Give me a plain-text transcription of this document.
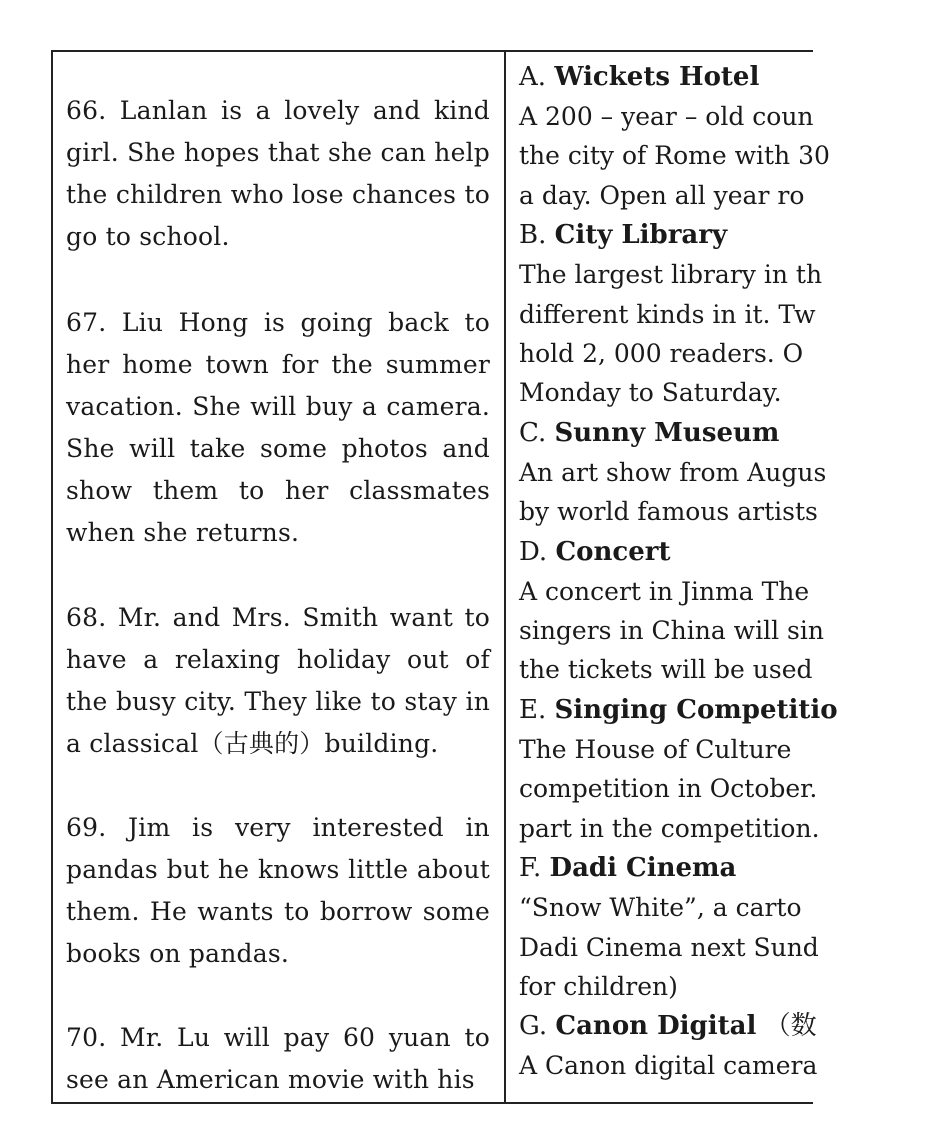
66. Lanlan is a lovely and kind girl. She hopes that she can help the children who lose chances to go to school.

67. Liu Hong is going back to her home town for the summer vacation. She will buy a camera. She will take some photos and show them to her classmates when she returns.

68. Mr. and Mrs. Smith want to have a relaxing holiday out of the busy city. They like to stay in a classical（古典的）building.

69. Jim is very interested in pandas but he knows little about them. He wants to borrow some books on pandas.

70. Mr. Lu will pay 60 yuan to see an American movie with his

A. Wickets Hotel
A 200 – year – old coun
the city of Rome with 30
a day. Open all year ro
B. City Library
The largest library in th
different kinds in it. Tw
hold 2, 000 readers. O
Monday to Saturday.
C. Sunny Museum
An art show from Augus
by world famous artists
D. Concert
A concert in Jinma The
singers in China will sin
the tickets will be used
E. Singing Competitio
The House of Culture
competition in October.
part in the competition.
F. Dadi Cinema
“Snow White”, a carto
Dadi Cinema next Sund
for children)
G. Canon Digital （数
A Canon digital camera
